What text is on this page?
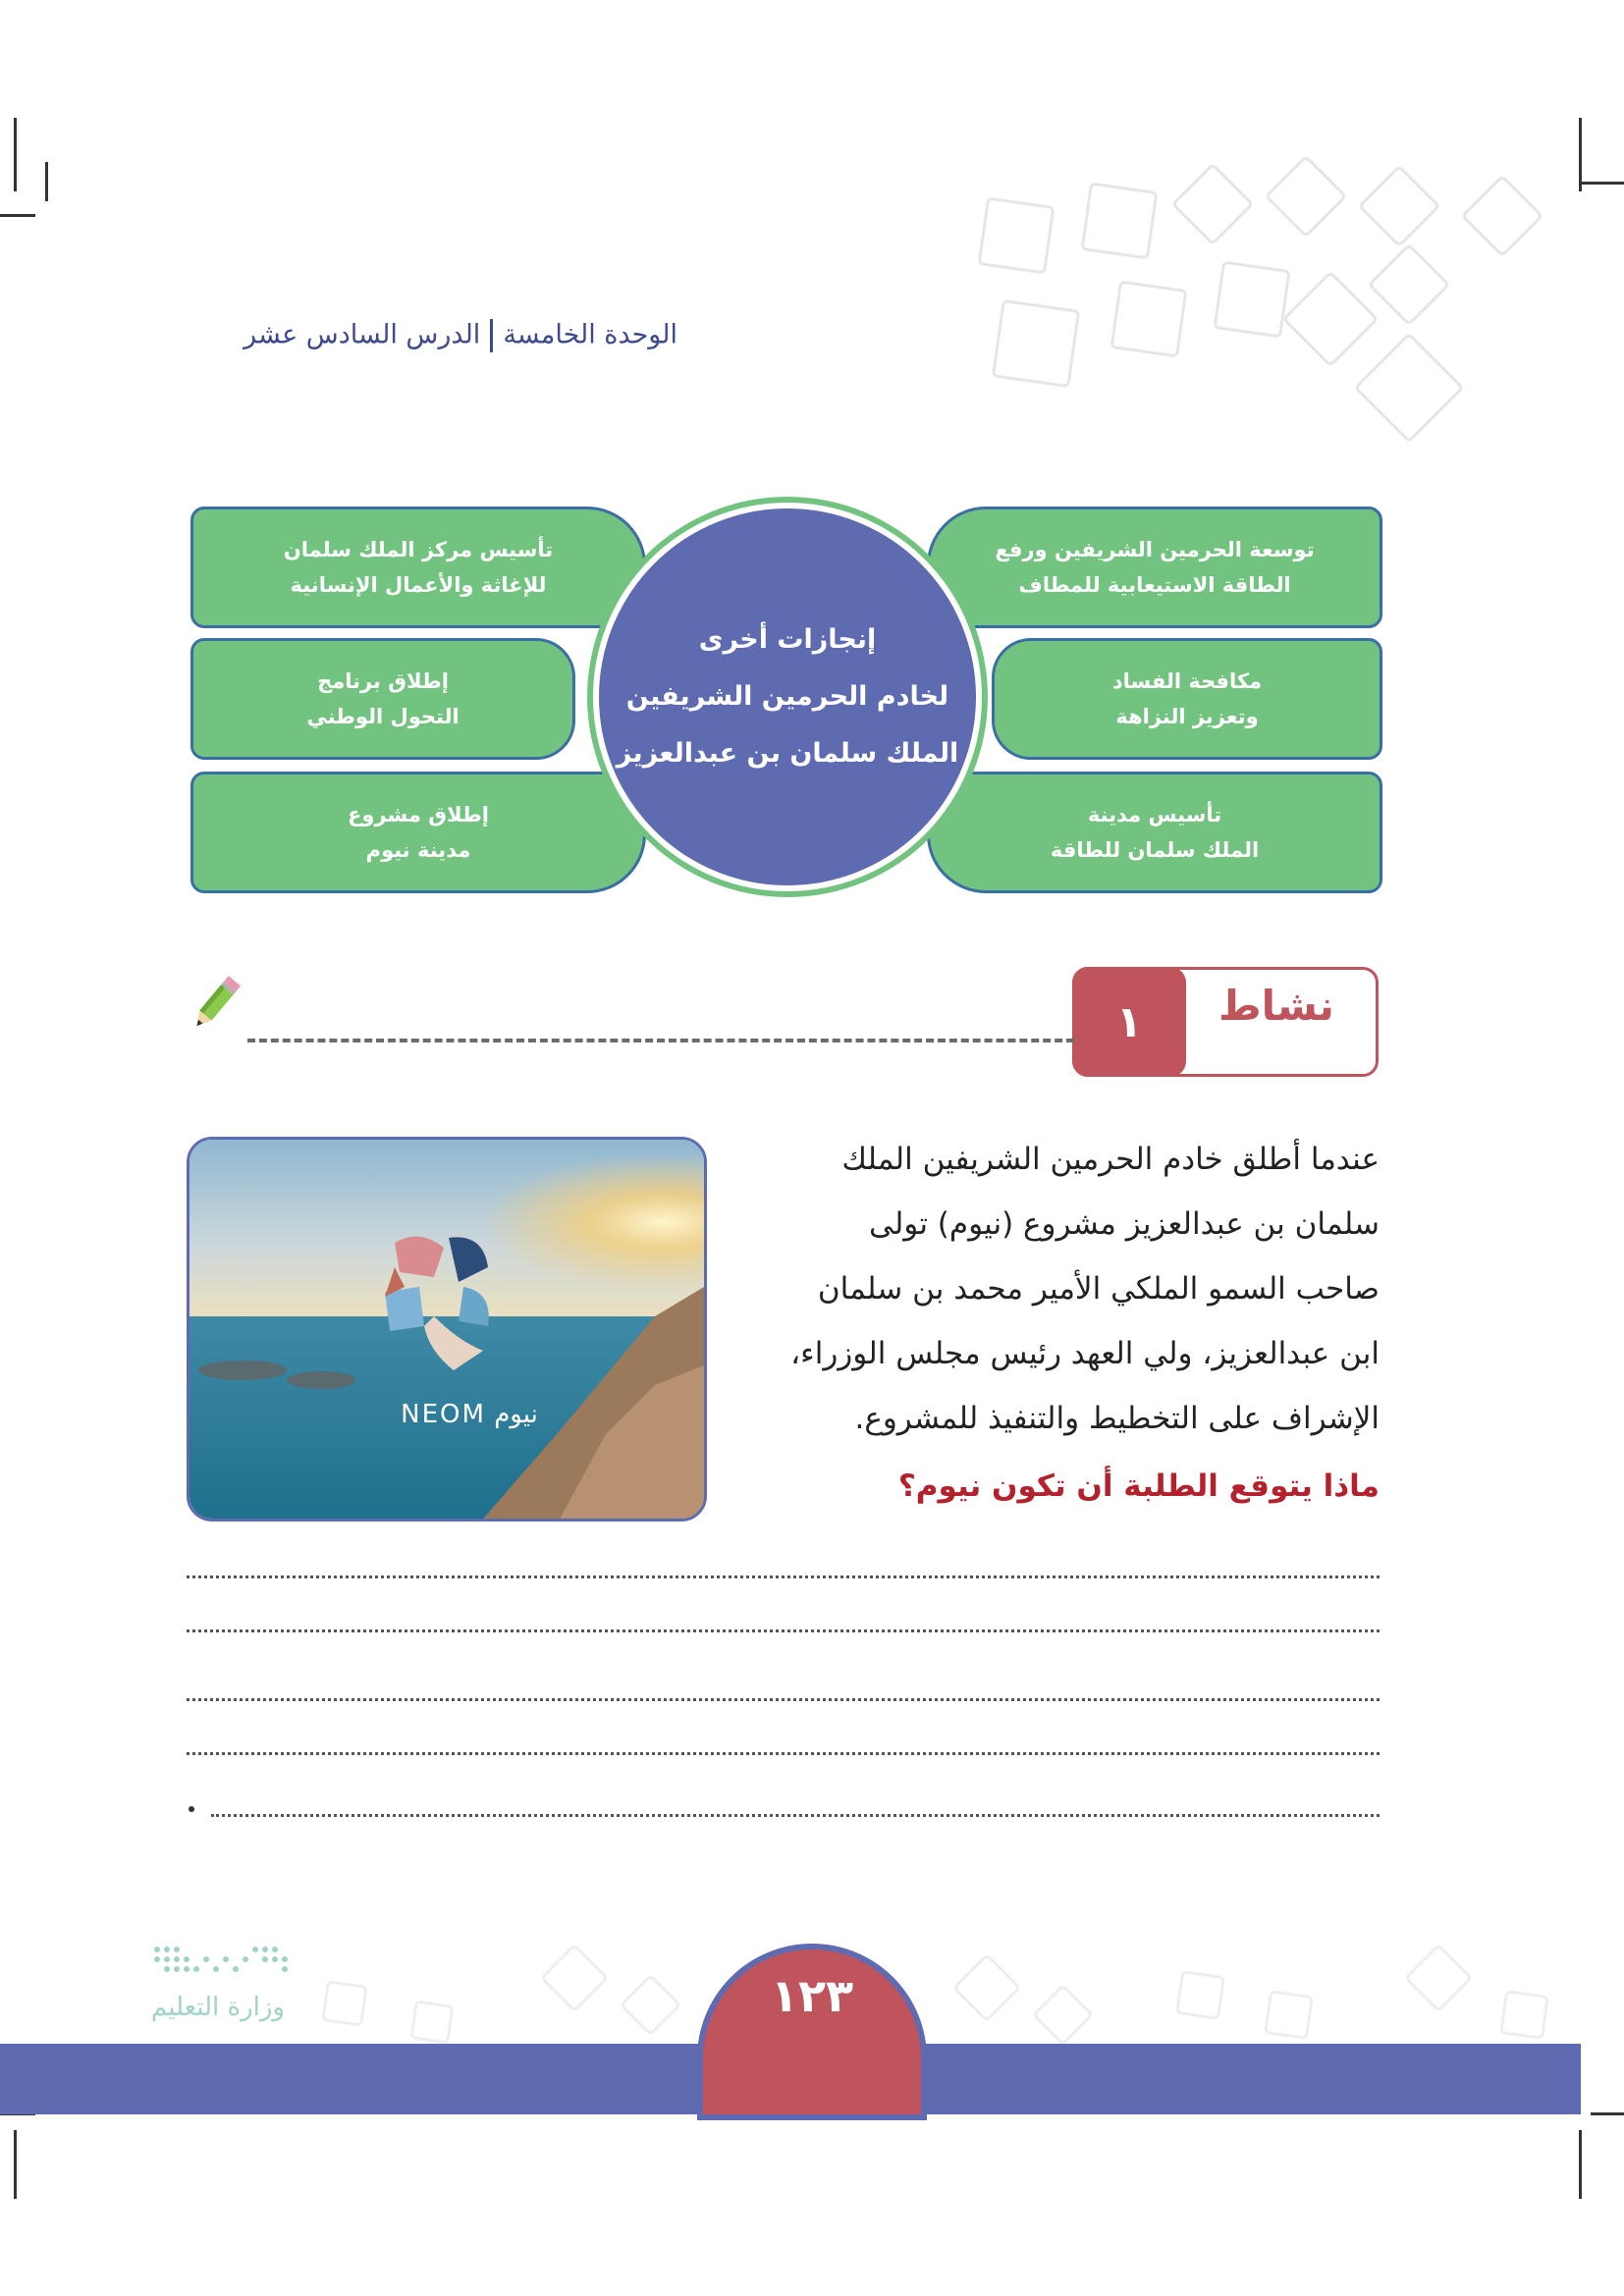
الوحدة الخامسةالدرس السادس عشر
توسعة الحرمين الشريفين ورفع
الطاقة الاستيعابية للمطاف
مكافحة الفساد
وتعزيز النزاهة
تأسيس مدينة
الملك سلمان للطاقة
تأسيس مركز الملك سلمان
للإغاثة والأعمال الإنسانية
إطلاق برنامج
التحول الوطني
إطلاق مشروع
مدينة نيوم
إنجازات أخرى
لخادم الحرمين الشريفين
الملك سلمان بن عبدالعزيز
١	نشاط
عندما أطلق خادم الحرمين الشريفين الملك
سلمان بن عبدالعزيز مشروع (نيوم) تولى
صاحب السمو الملكي الأمير محمد بن سلمان
ابن عبدالعزيز، ولي العهد رئيس مجلس الوزراء،
الإشراف على التخطيط والتنفيذ للمشروع.
ماذا يتوقع الطلبة أن تكون نيوم؟
NEOM نيوم
وزارة التعليم	١٢٣
